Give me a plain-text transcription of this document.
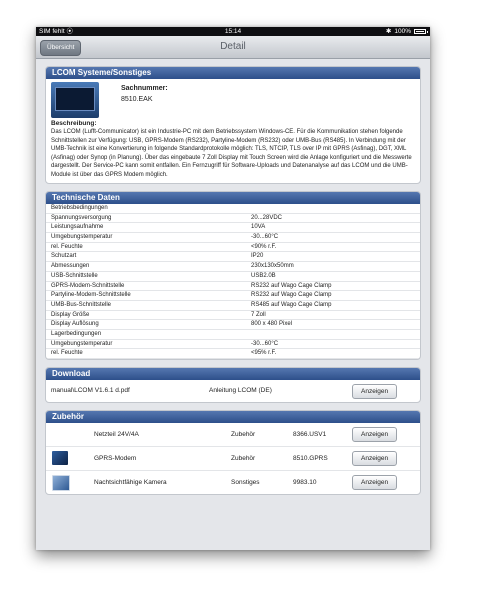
SIM fehlt ⦿	15:14	✱ 100%
Übersicht	Detail
LCOM Systeme/Sonstiges
Sachnummer:
8510.EAK
Beschreibung:
Das LCOM (Lufft-Communicator) ist ein Industrie-PC mit dem Betriebssystem Windows-CE. Für die Kommunikation stehen folgende Schnittstellen zur Verfügung: USB, GPRS-Modem (RS232), Partyline-Modem (RS232) oder UMB-Bus (RS485). In Verbindung mit der UMB-Technik ist eine Konvertierung in folgende Standardprotokolle möglich: TLS, NTCIP, TLS over IP mit GPRS (Asfinag), DGT, XML (Asfinag) oder Synop (in Planung). Über das eingebaute 7 Zoll Display mit Touch Screen wird die Anlage konfiguriert und die Messwerte dargestellt. Der Service-PC kann somit entfallen. Ein Fernzugriff für Software-Uploads und Datenanalyse auf das LCOM und die UMB-Module ist über das GPRS Modem möglich.
Technische Daten
Betriebsbedingungen
Spannungsversorgung	20...28VDC
Leistungsaufnahme	10VA
Umgebungstemperatur	-30...60°C
rel. Feuchte	<90% r.F.
Schutzart	IP20
Abmessungen	230x130x50mm
USB-Schnittstelle	USB2.0B
GPRS-Modem-Schnittstelle	RS232 auf Wago Cage Clamp
Partyline-Modem-Schnittstelle	RS232 auf Wago Cage Clamp
UMB-Bus-Schnittstelle	RS485 auf Wago Cage Clamp
Display Größe	7 Zoll
Display Auflösung	800 x 480 Pixel
Lagerbedingungen
Umgebungstemperatur	-30...60°C
rel. Feuchte	<95% r.F.
Download
manual\LCOM V1.6.1 d.pdf	Anleitung LCOM (DE)	Anzeigen
Zubehör
Netzteil 24V/4A	Zubehör	8366.USV1	Anzeigen
GPRS-Modem	Zubehör	8510.GPRS	Anzeigen
Nachtsichtfähige Kamera	Sonstiges	9983.10	Anzeigen
